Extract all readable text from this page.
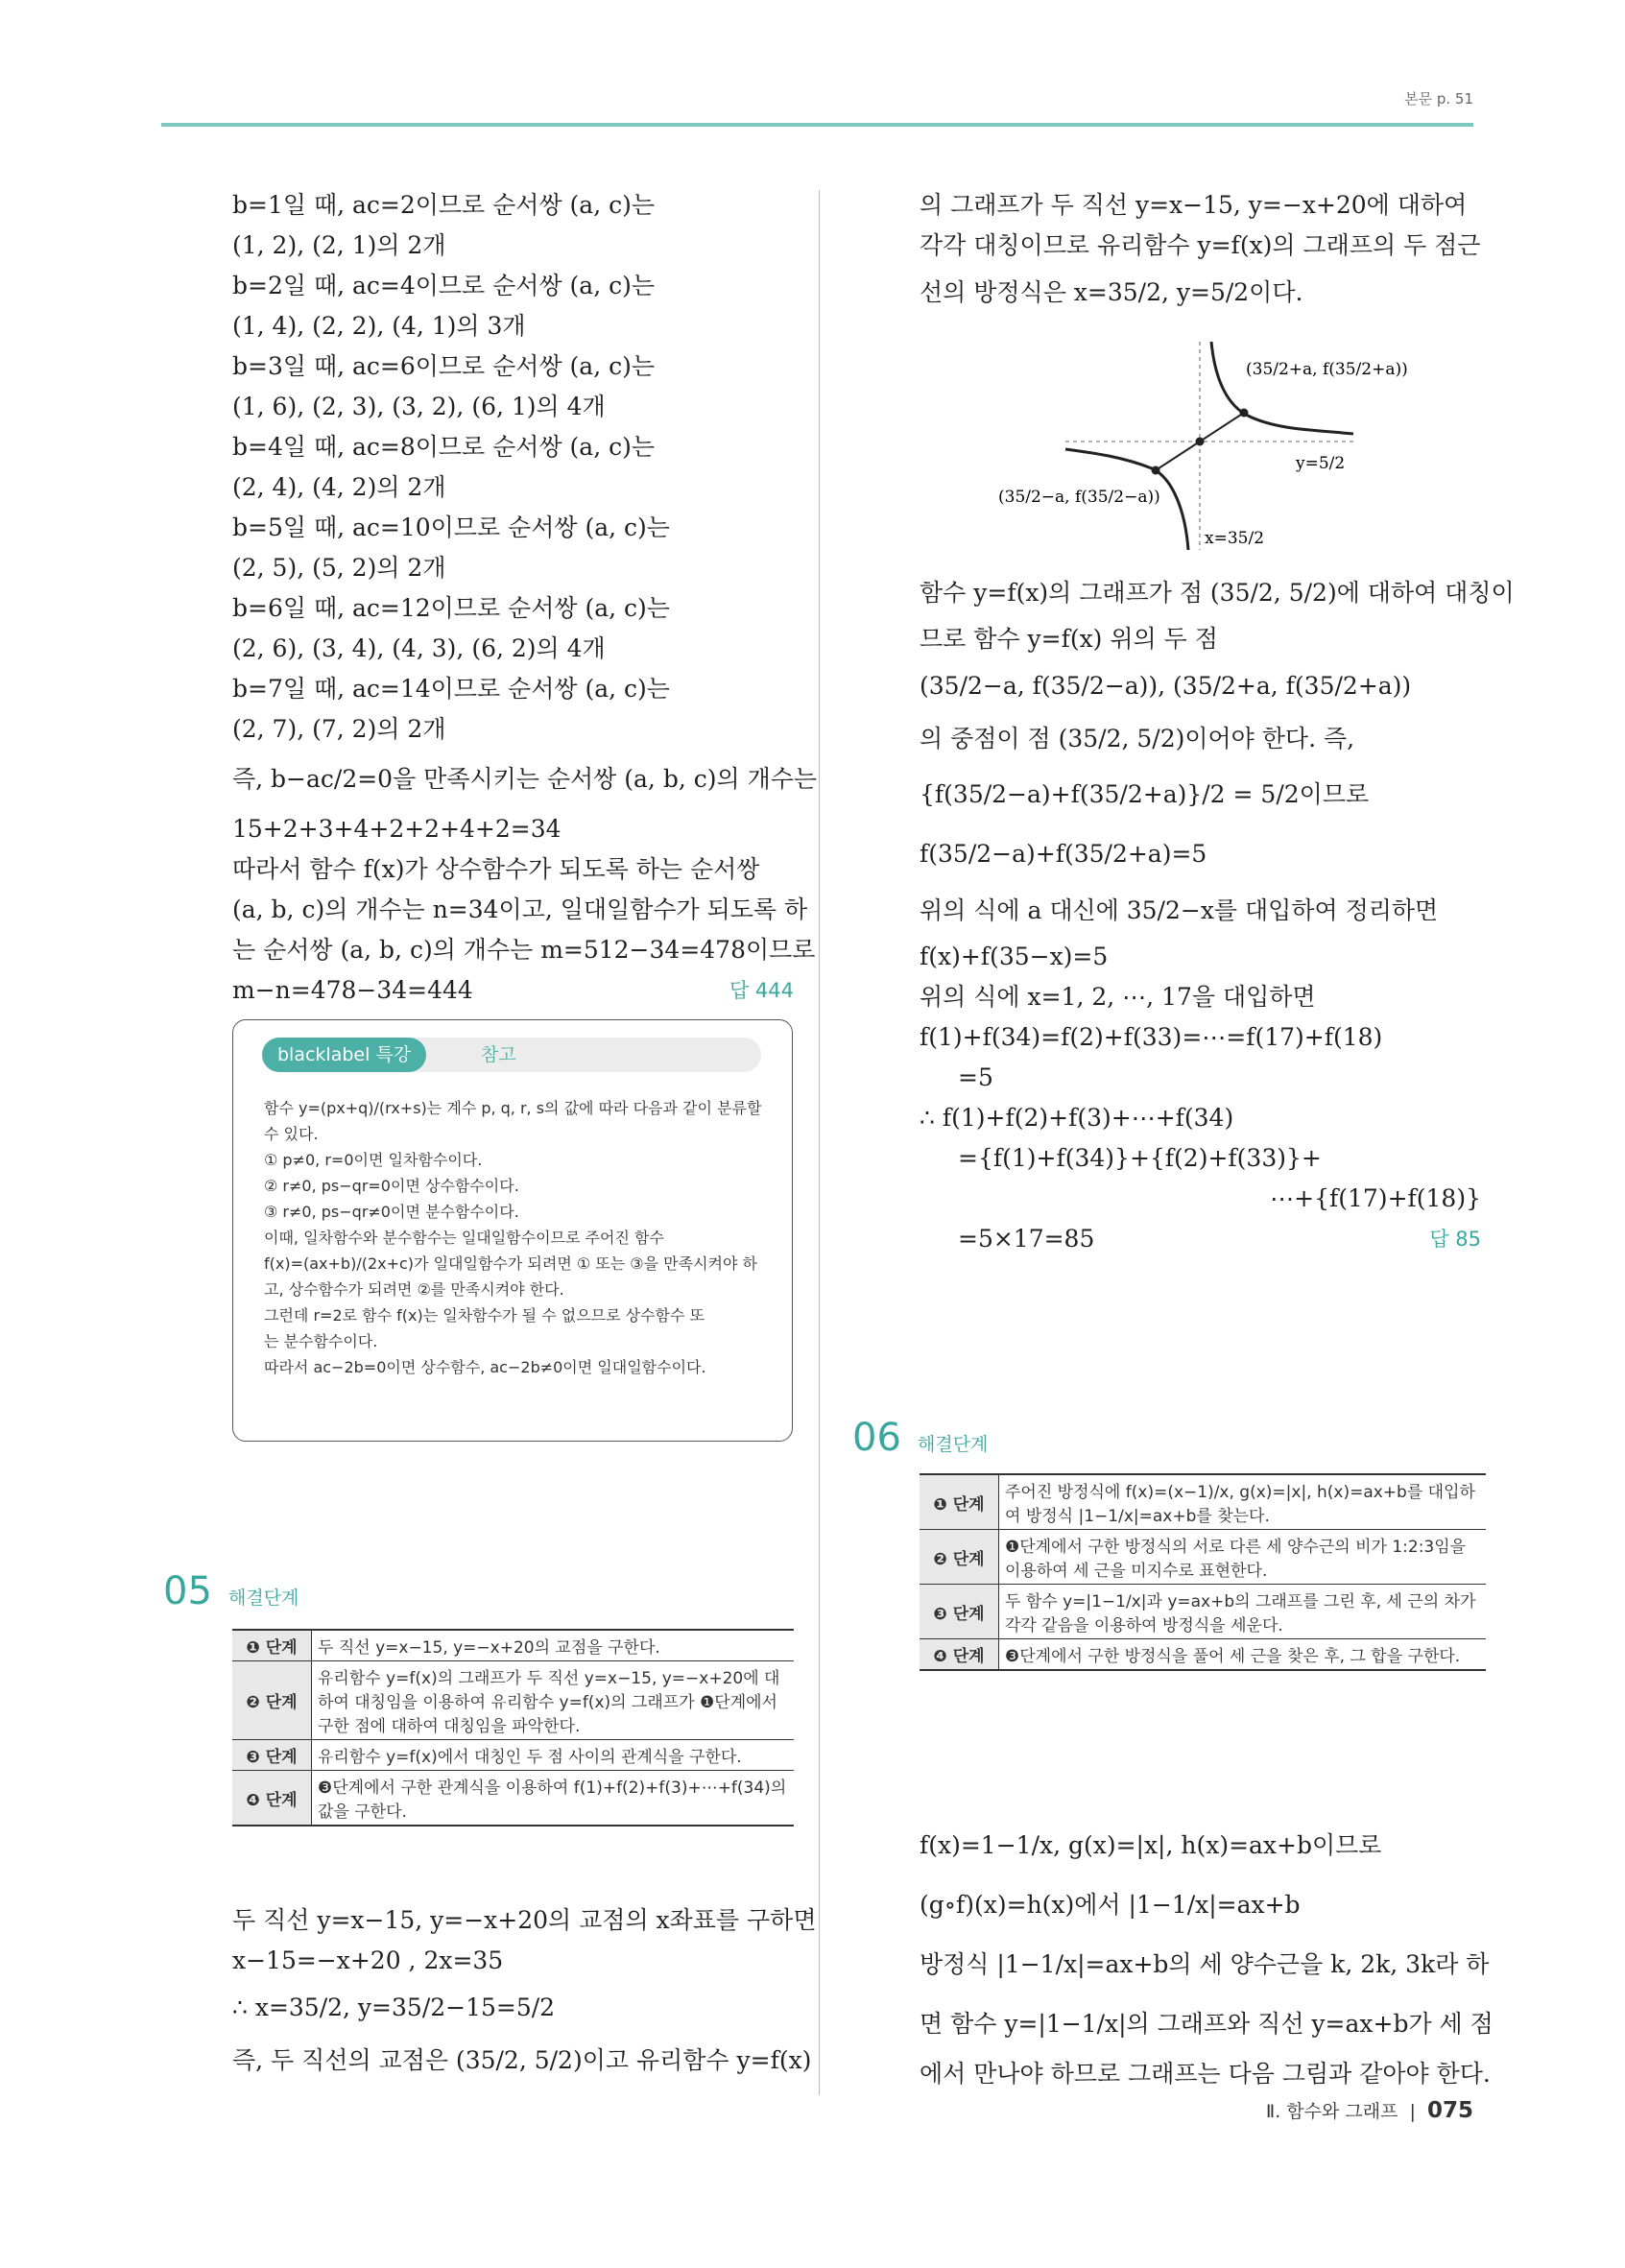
본문 p. 51
b=1일 때, ac=2이므로 순서쌍 (a, c)는
(1, 2), (2, 1)의 2개
b=2일 때, ac=4이므로 순서쌍 (a, c)는
(1, 4), (2, 2), (4, 1)의 3개
b=3일 때, ac=6이므로 순서쌍 (a, c)는
(1, 6), (2, 3), (3, 2), (6, 1)의 4개
b=4일 때, ac=8이므로 순서쌍 (a, c)는
(2, 4), (4, 2)의 2개
b=5일 때, ac=10이므로 순서쌍 (a, c)는
(2, 5), (5, 2)의 2개
b=6일 때, ac=12이므로 순서쌍 (a, c)는
(2, 6), (3, 4), (4, 3), (6, 2)의 4개
b=7일 때, ac=14이므로 순서쌍 (a, c)는
(2, 7), (7, 2)의 2개
즉, b−ac/2=0을 만족시키는 순서쌍 (a, b, c)의 개수는
15+2+3+4+2+2+4+2=34
따라서 함수 f(x)가 상수함수가 되도록 하는 순서쌍
(a, b, c)의 개수는 n=34이고, 일대일함수가 되도록 하
는 순서쌍 (a, b, c)의 개수는 m=512−34=478이므로
m−n=478−34=444	답 444
blacklabel 특강	참고
함수 y=(px+q)/(rx+s)는 계수 p, q, r, s의 값에 따라 다음과 같이 분류할
수 있다.
① p≠0, r=0이면 일차함수이다.
② r≠0, ps−qr=0이면 상수함수이다.
③ r≠0, ps−qr≠0이면 분수함수이다.
이때, 일차함수와 분수함수는 일대일함수이므로 주어진 함수
f(x)=(ax+b)/(2x+c)가 일대일함수가 되려면 ① 또는 ③을 만족시켜야 하
고, 상수함수가 되려면 ②를 만족시켜야 한다.
그런데 r=2로 함수 f(x)는 일차함수가 될 수 없으므로 상수함수 또
는 분수함수이다.
따라서 ac−2b=0이면 상수함수, ac−2b≠0이면 일대일함수이다.
05 해결단계
❶ 단계	두 직선 y=x−15, y=−x+20의 교점을 구한다.
❷ 단계	유리함수 y=f(x)의 그래프가 두 직선 y=x−15, y=−x+20에 대하여 대칭임을 이용하여 유리함수 y=f(x)의 그래프가 ❶단계에서 구한 점에 대하여 대칭임을 파악한다.
❸ 단계	유리함수 y=f(x)에서 대칭인 두 점 사이의 관계식을 구한다.
❹ 단계	❸단계에서 구한 관계식을 이용하여 f(1)+f(2)+f(3)+⋯+f(34)의 값을 구한다.
두 직선 y=x−15, y=−x+20의 교점의 x좌표를 구하면
x−15=−x+20 , 2x=35
∴ x=35/2, y=35/2−15=5/2
즉, 두 직선의 교점은 (35/2, 5/2)이고 유리함수 y=f(x)
의 그래프가 두 직선 y=x−15, y=−x+20에 대하여
각각 대칭이므로 유리함수 y=f(x)의 그래프의 두 점근
선의 방정식은 x=35/2, y=5/2이다.
(35/2+a, f(35/2+a))
(35/2−a, f(35/2−a))
y=5/2
x=35/2
함수 y=f(x)의 그래프가 점 (35/2, 5/2)에 대하여 대칭이
므로 함수 y=f(x) 위의 두 점
(35/2−a, f(35/2−a)), (35/2+a, f(35/2+a))
의 중점이 점 (35/2, 5/2)이어야 한다. 즉,
{f(35/2−a)+f(35/2+a)}/2 = 5/2이므로
f(35/2−a)+f(35/2+a)=5
위의 식에 a 대신에 35/2−x를 대입하여 정리하면
f(x)+f(35−x)=5
위의 식에 x=1, 2, ⋯, 17을 대입하면
f(1)+f(34)=f(2)+f(33)=⋯=f(17)+f(18)
=5
∴ f(1)+f(2)+f(3)+⋯+f(34)
={f(1)+f(34)}+{f(2)+f(33)}+
⋯+{f(17)+f(18)}
=5×17=85	답 85
06 해결단계
❶ 단계	주어진 방정식에 f(x)=(x−1)/x, g(x)=|x|, h(x)=ax+b를 대입하여 방정식 |1−1/x|=ax+b를 찾는다.
❷ 단계	❶단계에서 구한 방정식의 서로 다른 세 양수근의 비가 1:2:3임을 이용하여 세 근을 미지수로 표현한다.
❸ 단계	두 함수 y=|1−1/x|과 y=ax+b의 그래프를 그린 후, 세 근의 차가 각각 같음을 이용하여 방정식을 세운다.
❹ 단계	❸단계에서 구한 방정식을 풀어 세 근을 찾은 후, 그 합을 구한다.
f(x)=1−1/x, g(x)=|x|, h(x)=ax+b이므로
(g∘f)(x)=h(x)에서 |1−1/x|=ax+b
방정식 |1−1/x|=ax+b의 세 양수근을 k, 2k, 3k라 하
면 함수 y=|1−1/x|의 그래프와 직선 y=ax+b가 세 점
에서 만나야 하므로 그래프는 다음 그림과 같아야 한다.
Ⅱ. 함수와 그래프 | 075
